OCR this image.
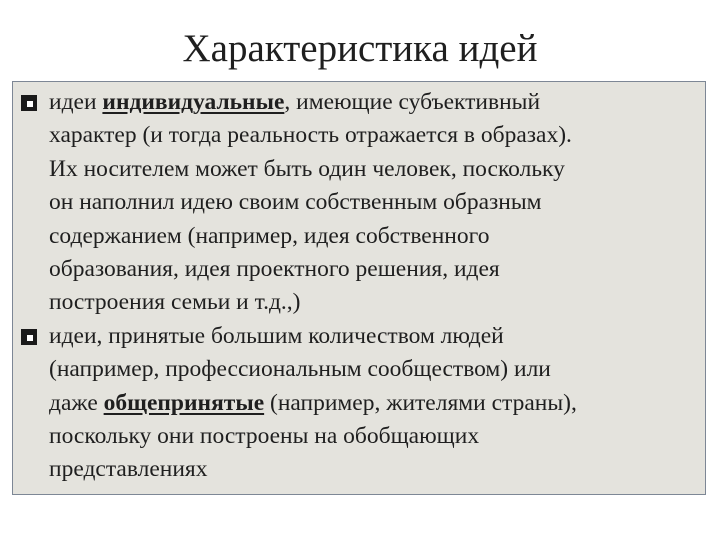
Характеристика идей
идеи индивидуальные, имеющие субъективный
характер (и тогда реальность отражается в образах).
Их носителем может быть один человек, поскольку
он наполнил идею своим собственным образным
содержанием (например, идея собственного
образования, идея проектного решения, идея
построения семьи и т.д.,)
идеи, принятые большим количеством людей
(например, профессиональным сообществом) или
даже общепринятые (например, жителями страны),
поскольку они построены на обобщающих
представлениях
